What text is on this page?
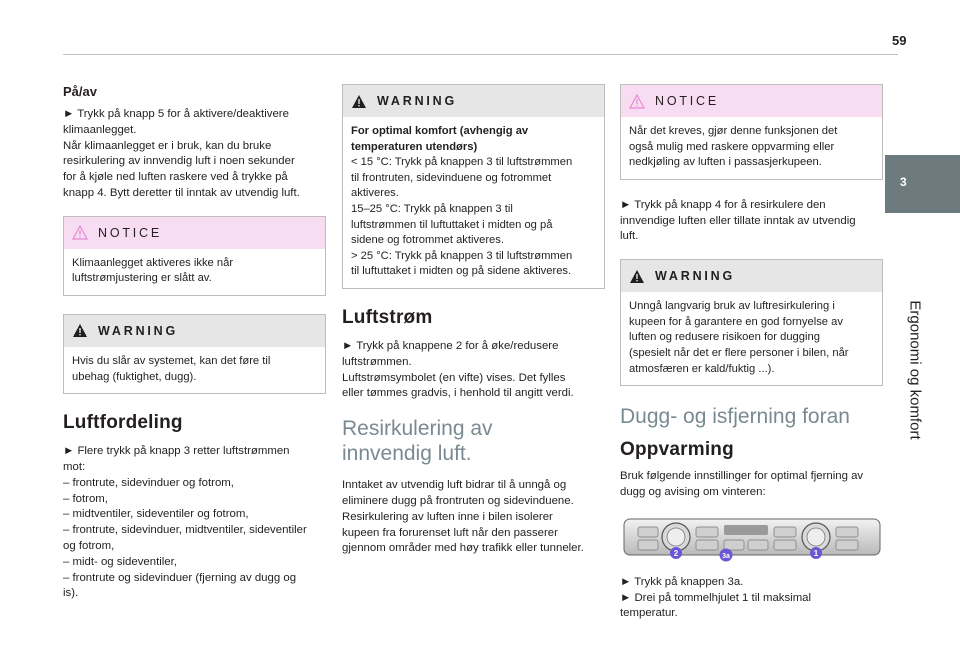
59
3
Ergonomi og komfort
På/av

► Trykk på knapp 5 for å aktivere/deaktivere
klimaanlegget.
Når klimaanlegget er i bruk, kan du bruke
resirkulering av innvendig luft i noen sekunder
for å kjøle ned luften raskere ved å trykke på
knapp 4. Bytt deretter til inntak av utvendig luft.

NOTICE
Klimaanlegget aktiveres ikke når
luftstrømjustering er slått av.
WARNING
Hvis du slår av systemet, kan det føre til
ubehag (fuktighet, dugg).
Luftfordeling

► Flere trykk på knapp 3 retter luftstrømmen
mot:
– frontrute, sidevinduer og fotrom,
– fotrom,
– midtventiler, sideventiler og fotrom,
– frontrute, sidevinduer, midtventiler, sideventiler
og fotrom,
– midt- og sideventiler,
– frontrute og sidevinduer (fjerning av dugg og
is).

WARNING
For optimal komfort (avhengig av
temperaturen utendørs)
< 15 °C: Trykk på knappen 3 til luftstrømmen
til frontruten, sidevinduene og fotrommet
aktiveres.
15–25 °C: Trykk på knappen 3 til
luftstrømmen til luftuttaket i midten og på
sidene og fotrommet aktiveres.
> 25 °C: Trykk på knappen 3 til luftstrømmen
til luftuttaket i midten og på sidene aktiveres.
Luftstrøm

► Trykk på knappene 2 for å øke/redusere
luftstrømmen.
Luftstrømsymbolet (en vifte) vises. Det fylles
eller tømmes gradvis, i henhold til angitt verdi.

Resirkulering av
innvendig luft.

Inntaket av utvendig luft bidrar til å unngå og
eliminere dugg på frontruten og sidevinduene.
Resirkulering av luften inne i bilen isolerer
kupeen fra forurenset luft når den passerer
gjennom områder med høy trafikk eller tunneler.

NOTICE
Når det kreves, gjør denne funksjonen det
også mulig med raskere oppvarming eller
nedkjøling av luften i passasjerkupeen.

► Trykk på knapp 4 for å resirkulere den
innvendige luften eller tillate inntak av utvendig
luft.

WARNING
Unngå langvarig bruk av luftresirkulering i
kupeen for å garantere en god fornyelse av
luften og redusere risikoen for dugging
(spesielt når det er flere personer i bilen, når
atmosfæren er kald/fuktig ...).
Dugg- og isfjerning foran
Oppvarming

Bruk følgende innstillinger for optimal fjerning av
dugg og avising om vinteren:

2	3a	1

► Trykk på knappen 3a.
► Drei på tommelhjulet 1 til maksimal
temperatur.
